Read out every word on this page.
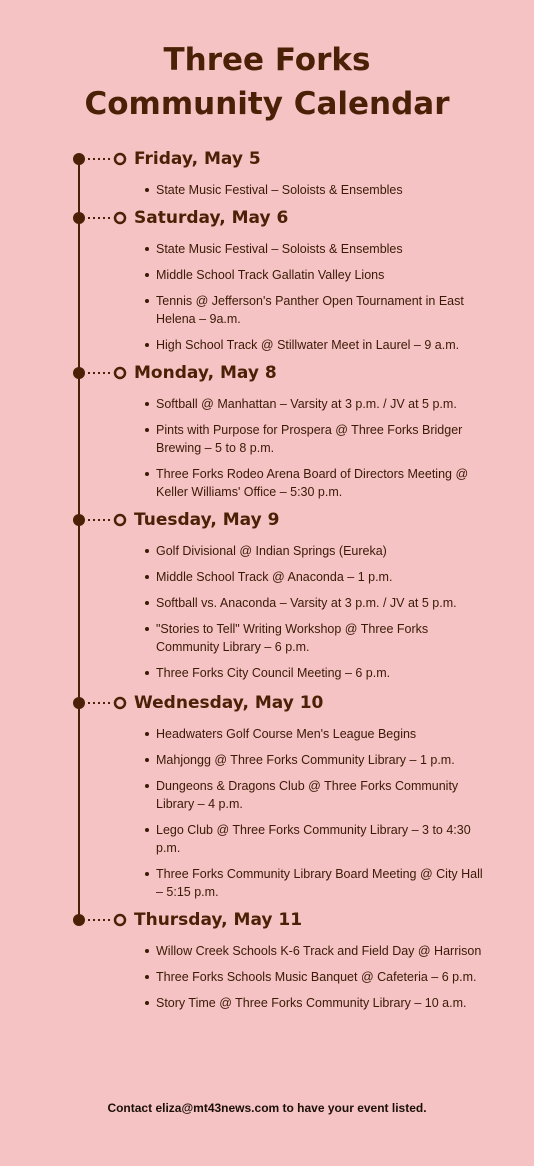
Three Forks
Community Calendar
Friday, May 5
State Music Festival – Soloists & Ensembles
Saturday, May 6
State Music Festival – Soloists & Ensembles
Middle School Track Gallatin Valley Lions
Tennis @ Jefferson's Panther Open Tournament in East Helena – 9a.m.
High School Track @ Stillwater Meet in Laurel – 9 a.m.
Monday, May 8
Softball @ Manhattan – Varsity at 3 p.m. / JV at 5 p.m.
Pints with Purpose for Prospera @ Three Forks Bridger Brewing – 5 to 8 p.m.
Three Forks Rodeo Arena Board of Directors Meeting @ Keller Williams' Office – 5:30 p.m.
Tuesday, May 9
Golf Divisional @ Indian Springs (Eureka)
Middle School Track @ Anaconda – 1 p.m.
Softball vs. Anaconda – Varsity at 3 p.m. / JV at 5 p.m.
"Stories to Tell" Writing Workshop @ Three Forks Community Library – 6 p.m.
Three Forks City Council Meeting – 6 p.m.
Wednesday, May 10
Headwaters Golf Course Men's League Begins
Mahjongg @ Three Forks Community Library – 1 p.m.
Dungeons & Dragons Club @ Three Forks Community Library – 4 p.m.
Lego Club @ Three Forks Community Library – 3 to 4:30 p.m.
Three Forks Community Library Board Meeting @ City Hall – 5:15 p.m.
Thursday, May 11
Willow Creek Schools K-6 Track and Field Day @ Harrison
Three Forks Schools Music Banquet @ Cafeteria – 6 p.m.
Story Time @ Three Forks Community Library – 10 a.m.
Contact eliza@mt43news.com to have your event listed.
